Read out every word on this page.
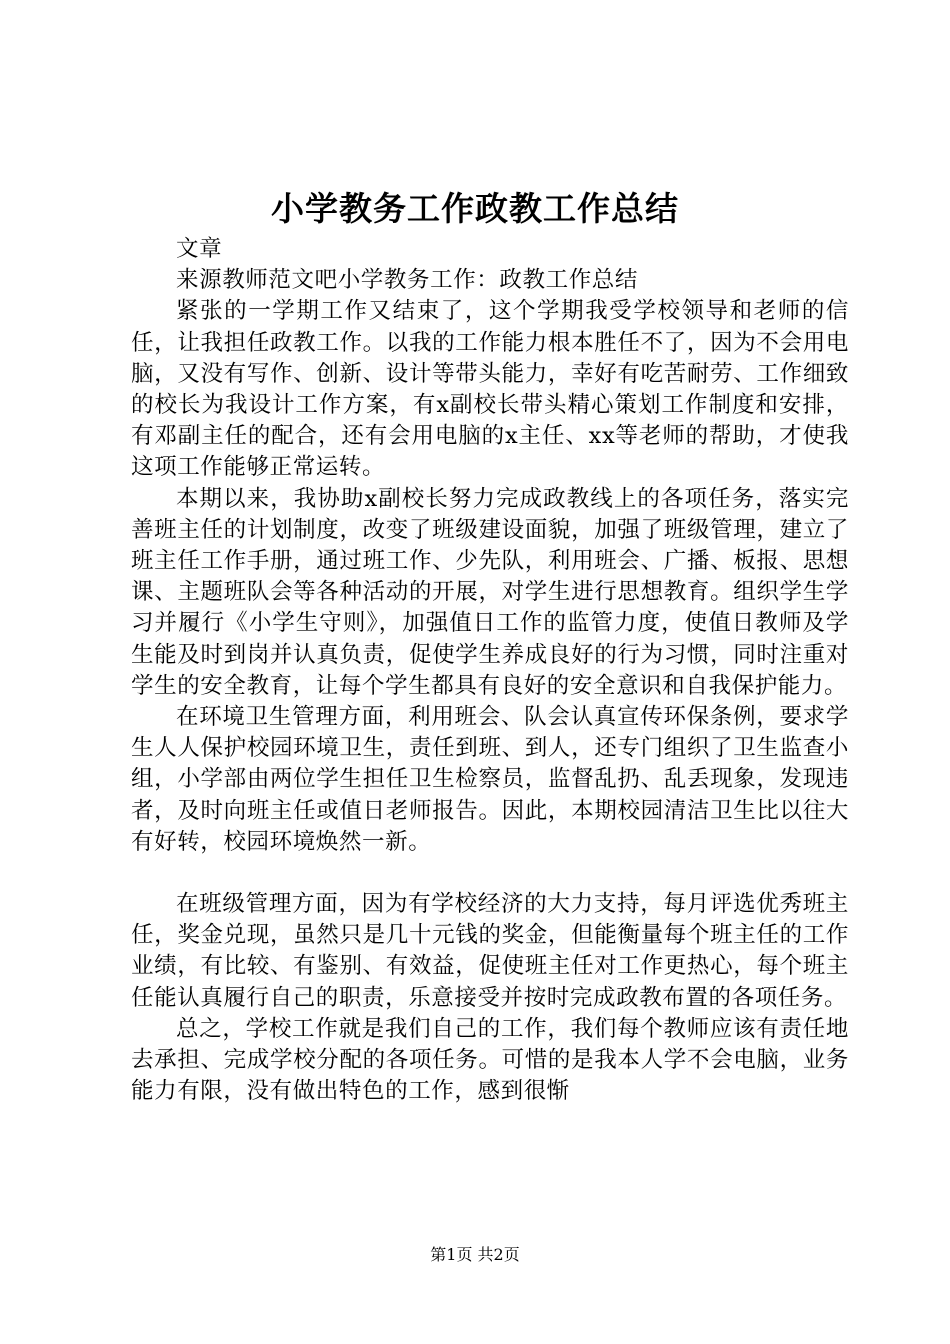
小学教务工作政教工作总结

文章

来源教师范文吧小学教务工作：政教工作总结

紧张的一学期工作又结束了，这个学期我受学校领导和老师的信任，让我担任政教工作。以我的工作能力根本胜任不了，因为不会用电脑，又没有写作、创新、设计等带头能力，幸好有吃苦耐劳、工作细致的校长为我设计工作方案，有x副校长带头精心策划工作制度和安排，有邓副主任的配合，还有会用电脑的x主任、xx等老师的帮助，才使我这项工作能够正常运转。

本期以来，我协助x副校长努力完成政教线上的各项任务，落实完善班主任的计划制度，改变了班级建设面貌，加强了班级管理，建立了班主任工作手册，通过班工作、少先队，利用班会、广播、板报、思想课、主题班队会等各种活动的开展，对学生进行思想教育。组织学生学习并履行《小学生守则》，加强值日工作的监管力度，使值日教师及学生能及时到岗并认真负责，促使学生养成良好的行为习惯，同时注重对学生的安全教育，让每个学生都具有良好的安全意识和自我保护能力。

在环境卫生管理方面，利用班会、队会认真宣传环保条例，要求学生人人保护校园环境卫生，责任到班、到人，还专门组织了卫生监查小组，小学部由两位学生担任卫生检察员，监督乱扔、乱丢现象，发现违者，及时向班主任或值日老师报告。因此，本期校园清洁卫生比以往大有好转，校园环境焕然一新。

在班级管理方面，因为有学校经济的大力支持，每月评选优秀班主任，奖金兑现，虽然只是几十元钱的奖金，但能衡量每个班主任的工作业绩，有比较、有鉴别、有效益，促使班主任对工作更热心，每个班主任能认真履行自己的职责，乐意接受并按时完成政教布置的各项任务。

总之，学校工作就是我们自己的工作，我们每个教师应该有责任地去承担、完成学校分配的各项任务。可惜的是我本人学不会电脑，业务能力有限，没有做出特色的工作，感到很惭

第1页 共2页
